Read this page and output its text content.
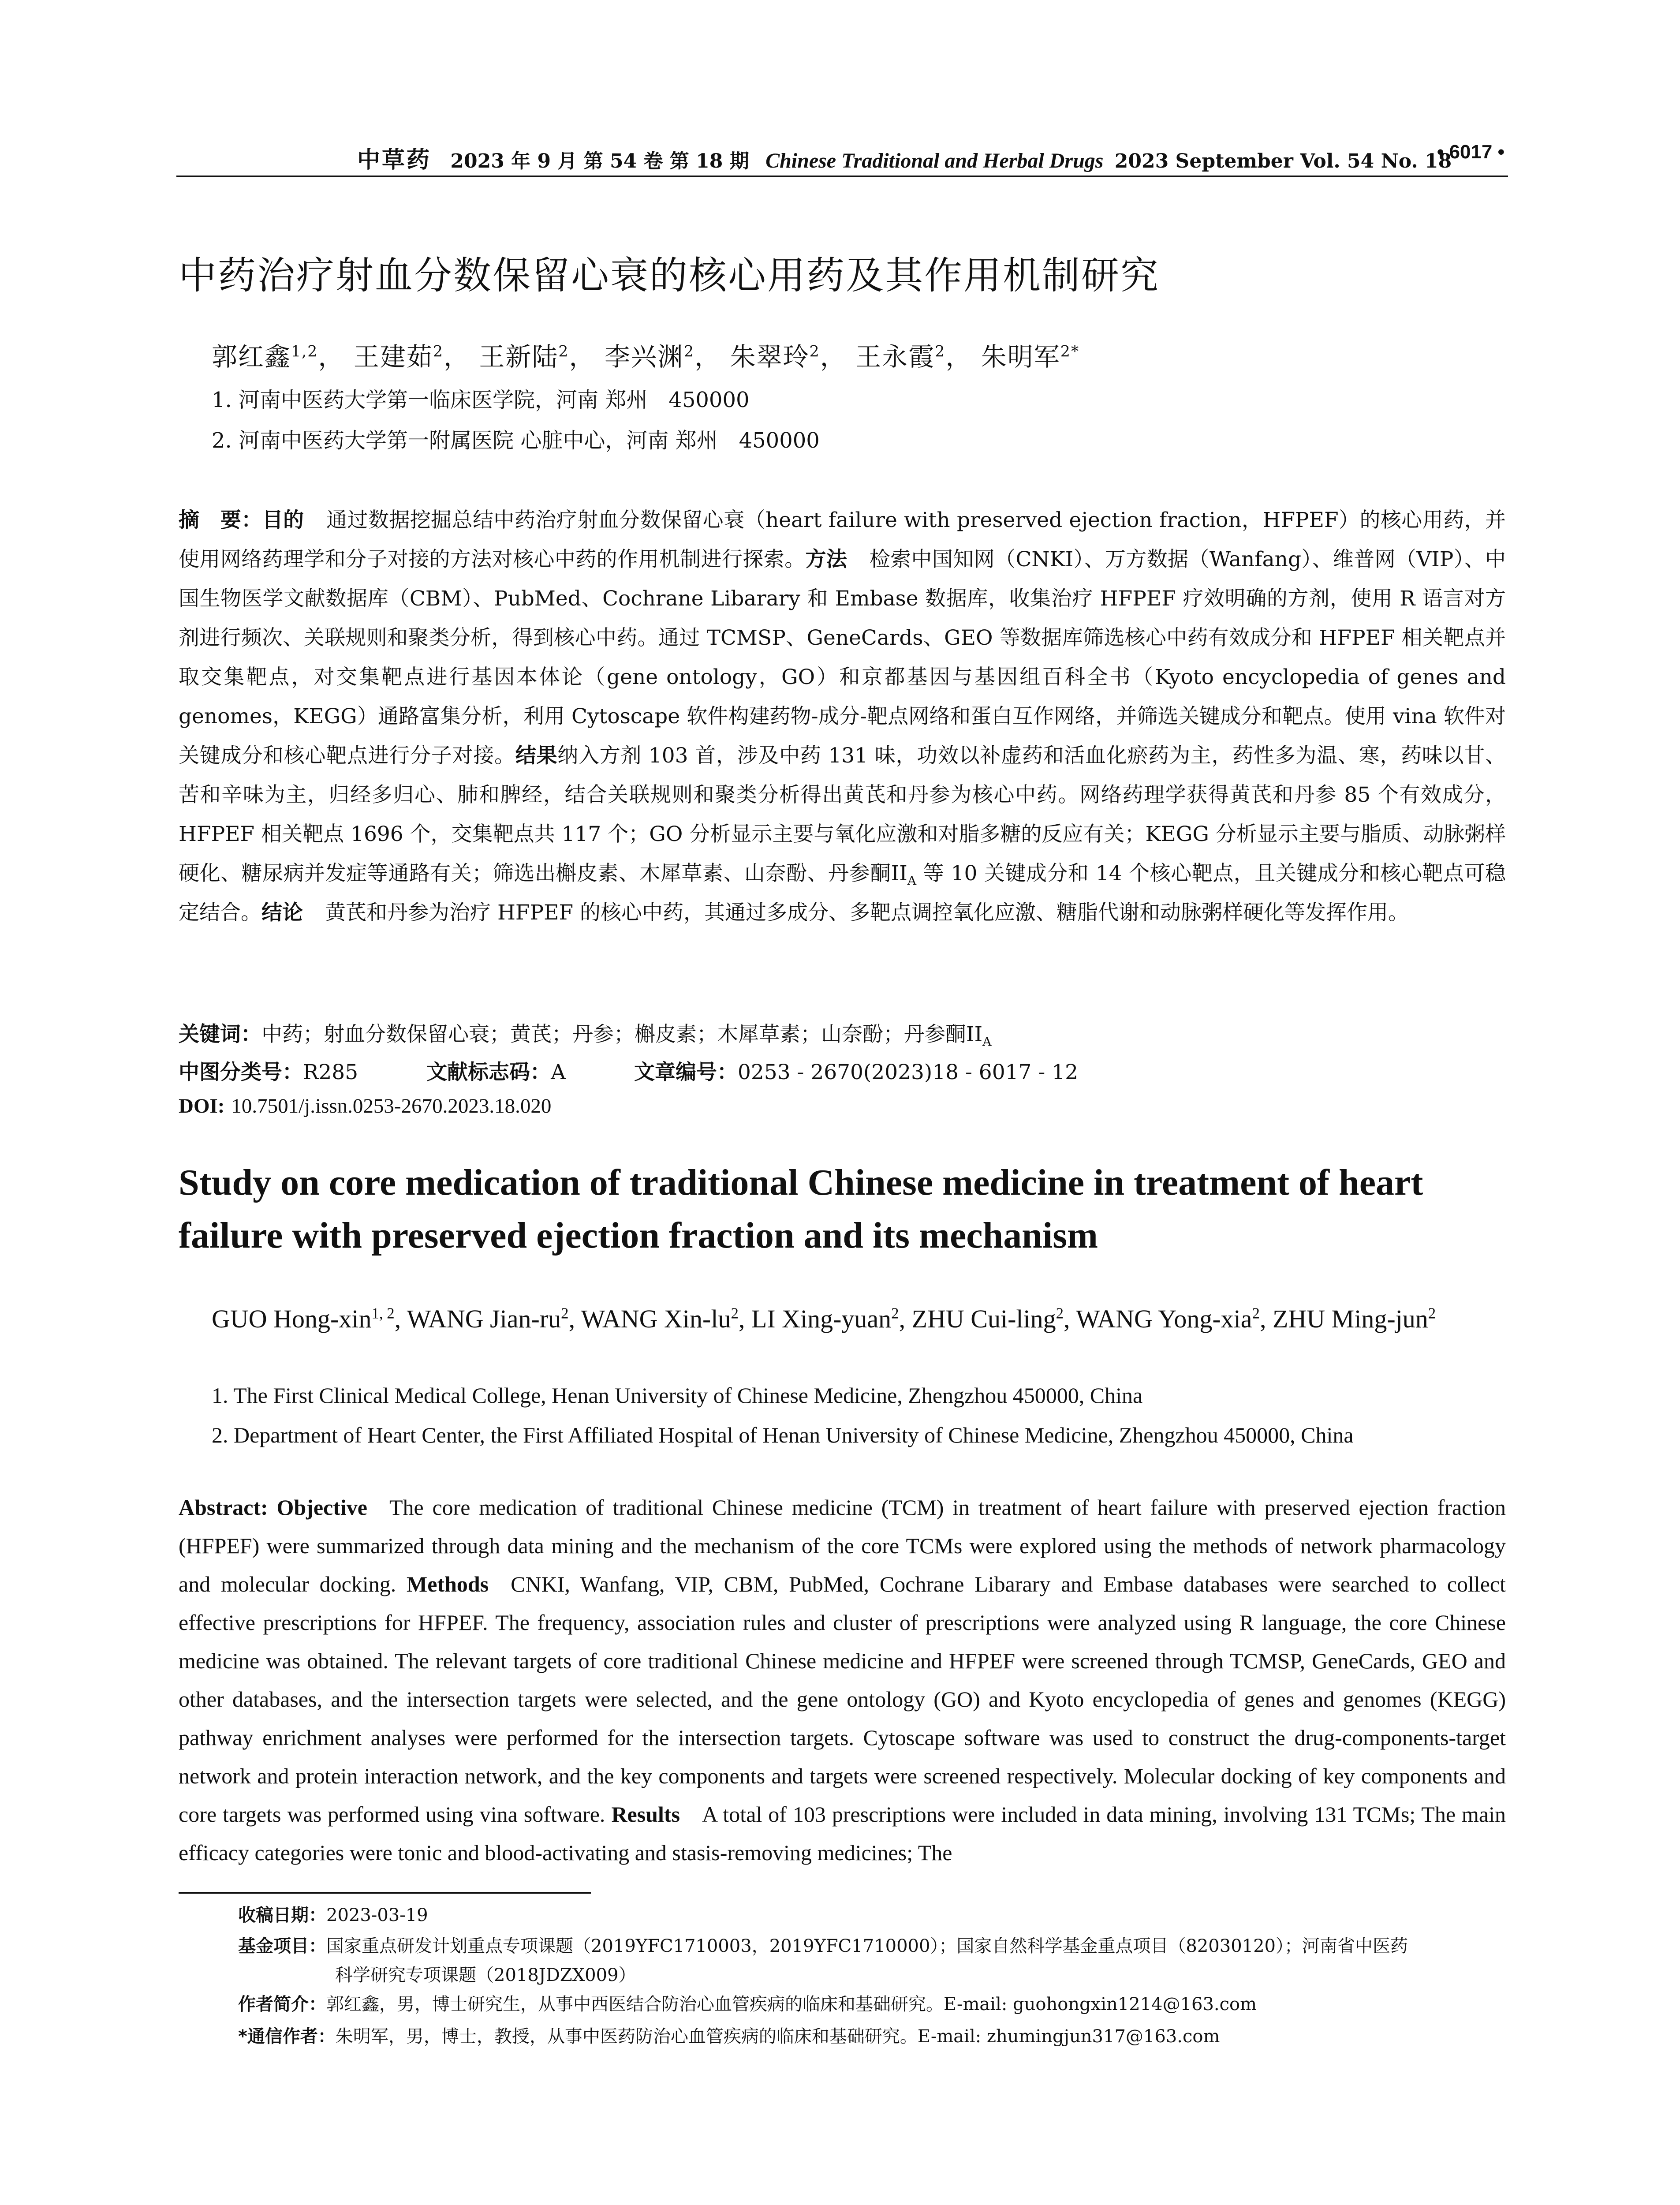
中草药 2023 年 9 月 第 54 卷 第 18 期 Chinese Traditional and Herbal Drugs 2023 September Vol. 54 No. 18
• 6017 •
中药治疗射血分数保留心衰的核心用药及其作用机制研究
郭红鑫$^{1,2}$， 王建茹$^2$， 王新陆$^2$， 李兴渊$^2$， 朱翠玲$^2$， 王永霞$^2$， 朱明军$^{2*}$
1. 河南中医药大学第一临床医学院，河南 郑州　450000
2. 河南中医药大学第一附属医院 心脏中心，河南 郑州　450000
摘　要：目的 通过数据挖掘总结中药治疗射血分数保留心衰（heart failure with preserved ejection fraction，HFPEF）的核心用药，并使用网络药理学和分子对接的方法对核心中药的作用机制进行探索。方法 检索中国知网（CNKI）、万方数据（Wanfang）、维普网（VIP）、中国生物医学文献数据库（CBM）、PubMed、Cochrane Libarary 和 Embase 数据库，收集治疗 HFPEF 疗效明确的方剂，使用 R 语言对方剂进行频次、关联规则和聚类分析，得到核心中药。通过 TCMSP、GeneCards、GEO 等数据库筛选核心中药有效成分和 HFPEF 相关靶点并取交集靶点，对交集靶点进行基因本体论（gene ontology，GO）和京都基因与基因组百科全书（Kyoto encyclopedia of genes and genomes，KEGG）通路富集分析，利用 Cytoscape 软件构建药物-成分-靶点网络和蛋白互作网络，并筛选关键成分和靶点。使用 vina 软件对关键成分和核心靶点进行分子对接。结果纳入方剂 103 首，涉及中药 131 味，功效以补虚药和活血化瘀药为主，药性多为温、寒，药味以甘、苦和辛味为主，归经多归心、肺和脾经，结合关联规则和聚类分析得出黄芪和丹参为核心中药。网络药理学获得黄芪和丹参 85 个有效成分，HFPEF 相关靶点 1696 个，交集靶点共 117 个；GO 分析显示主要与氧化应激和对脂多糖的反应有关；KEGG 分析显示主要与脂质、动脉粥样硬化、糖尿病并发症等通路有关；筛选出槲皮素、木犀草素、山奈酚、丹参酮$II_A$ 等 10 关键成分和 14 个核心靶点，且关键成分和核心靶点可稳定结合。结论 黄芪和丹参为治疗 HFPEF 的核心中药，其通过多成分、多靶点调控氧化应激、糖脂代谢和动脉粥样硬化等发挥作用。
关键词：中药；射血分数保留心衰；黄芪；丹参；槲皮素；木犀草素；山奈酚；丹参酮$II_A$
中图分类号：R285	文献标志码：A	文章编号：0253 - 2670(2023)18 - 6017 - 12
DOI: 10.7501/j.issn.0253-2670.2023.18.020
Study on core medication of traditional Chinese medicine in treatment of heart failure with preserved ejection fraction and its mechanism
GUO Hong-xin$^{1, 2}$, WANG Jian-$ru^2$, WANG Xin-$lu^2$, LI Xing-yuan$^2$, ZHU Cui-ling$^2$, WANG Yong-xia$^2$, ZHU Ming-jun$^2$
1. The First Clinical Medical College, Henan University of Chinese Medicine, Zhengzhou 450000, China
2. Department of Heart Center, the First Affiliated Hospital of Henan University of Chinese Medicine, Zhengzhou 450000, China
Abstract: Objective The core medication of traditional Chinese medicine (TCM) in treatment of heart failure with preserved ejection fraction (HFPEF) were summarized through data mining and the mechanism of the core TCMs were explored using the methods of network pharmacology and molecular docking. Methods CNKI, Wanfang, VIP, CBM, PubMed, Cochrane Libarary and Embase databases were searched to collect effective prescriptions for HFPEF. The frequency, association rules and cluster of prescriptions were analyzed using R language, the core Chinese medicine was obtained. The relevant targets of core traditional Chinese medicine and HFPEF were screened through TCMSP, GeneCards, GEO and other databases, and the intersection targets were selected, and the gene ontology (GO) and Kyoto encyclopedia of genes and genomes (KEGG) pathway enrichment analyses were performed for the intersection targets. Cytoscape software was used to construct the drug-components-target network and protein interaction network, and the key components and targets were screened respectively. Molecular docking of key components and core targets was performed using vina software. Results A total of 103 prescriptions were included in data mining, involving 131 TCMs; The main efficacy categories were tonic and blood-activating and stasis-removing medicines; The
收稿日期：2023-03-19
基金项目：国家重点研发计划重点专项课题（2019YFC1710003，2019YFC1710000）；国家自然科学基金重点项目（82030120）；河南省中医药
科学研究专项课题（2018JDZX009）
作者简介：郭红鑫，男，博士研究生，从事中西医结合防治心血管疾病的临床和基础研究。E-mail: guohongxin1214@163.com
*通信作者：朱明军，男，博士，教授，从事中医药防治心血管疾病的临床和基础研究。E-mail: zhumingjun317@163.com
